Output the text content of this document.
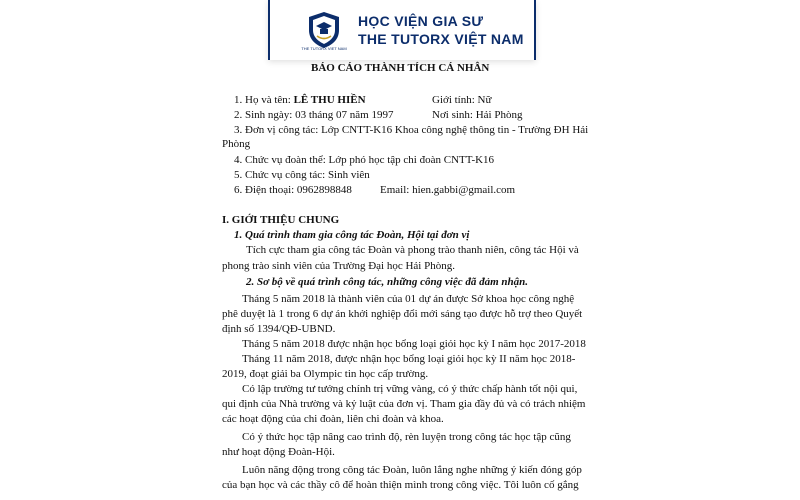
THE TUTORX VIET NAM
HỌC VIỆN GIA SƯ
THE TUTORX VIỆT NAM
BÁO CÁO THÀNH TÍCH CÁ NHÂN
1. Họ và tên: LÊ THU HIỀN	Giới tính: Nữ
2. Sinh ngày: 03 tháng 07 năm 1997	Nơi sinh: Hải Phòng
3. Đơn vị công tác: Lớp CNTT-K16 Khoa công nghệ thông tin - Trường ĐH Hải
Phòng
4. Chức vụ đoàn thể: Lớp phó học tập chi đoàn CNTT-K16
5. Chức vụ công tác: Sinh viên
6. Điện thoại: 0962898848	Email: hien.gabbi@gmail.com
I. GIỚI THIỆU CHUNG
1. Quá trình tham gia công tác Đoàn, Hội tại đơn vị
Tích cực tham gia công tác Đoàn và phong trào thanh niên, công tác Hội và
phong trào sinh viên của Trường Đại học Hải Phòng.
2. Sơ bộ về quá trình công tác, những công việc đã đảm nhận.
Tháng 5 năm 2018 là thành viên của 01 dự án được Sở khoa học công nghệ
phê duyệt là 1 trong 6 dự án khởi nghiệp đổi mới sáng tạo được hỗ trợ theo Quyết
định số 1394/QĐ-UBND.
Tháng 5 năm 2018 được nhận học bổng loại giỏi học kỳ I năm học 2017-2018
Tháng 11 năm 2018, được nhận học bổng loại giỏi học kỳ II năm học 2018-
2019, đoạt giải ba Olympic tin học cấp trường.
Có lập trường tư tưởng chính trị vững vàng, có ý thức chấp hành tốt nội qui,
qui định của Nhà trường và kỷ luật của đơn vị. Tham gia đầy đủ và có trách nhiệm
các hoạt động của chi đoàn, liên chi đoàn và khoa.
Có ý thức học tập nâng cao trình độ, rèn luyện trong công tác học tập cũng
như hoạt động Đoàn-Hội.
Luôn năng động trong công tác Đoàn, luôn lắng nghe những ý kiến đóng góp
của bạn học và các thầy cô để hoàn thiện mình trong công việc. Tôi luôn cố gắng
